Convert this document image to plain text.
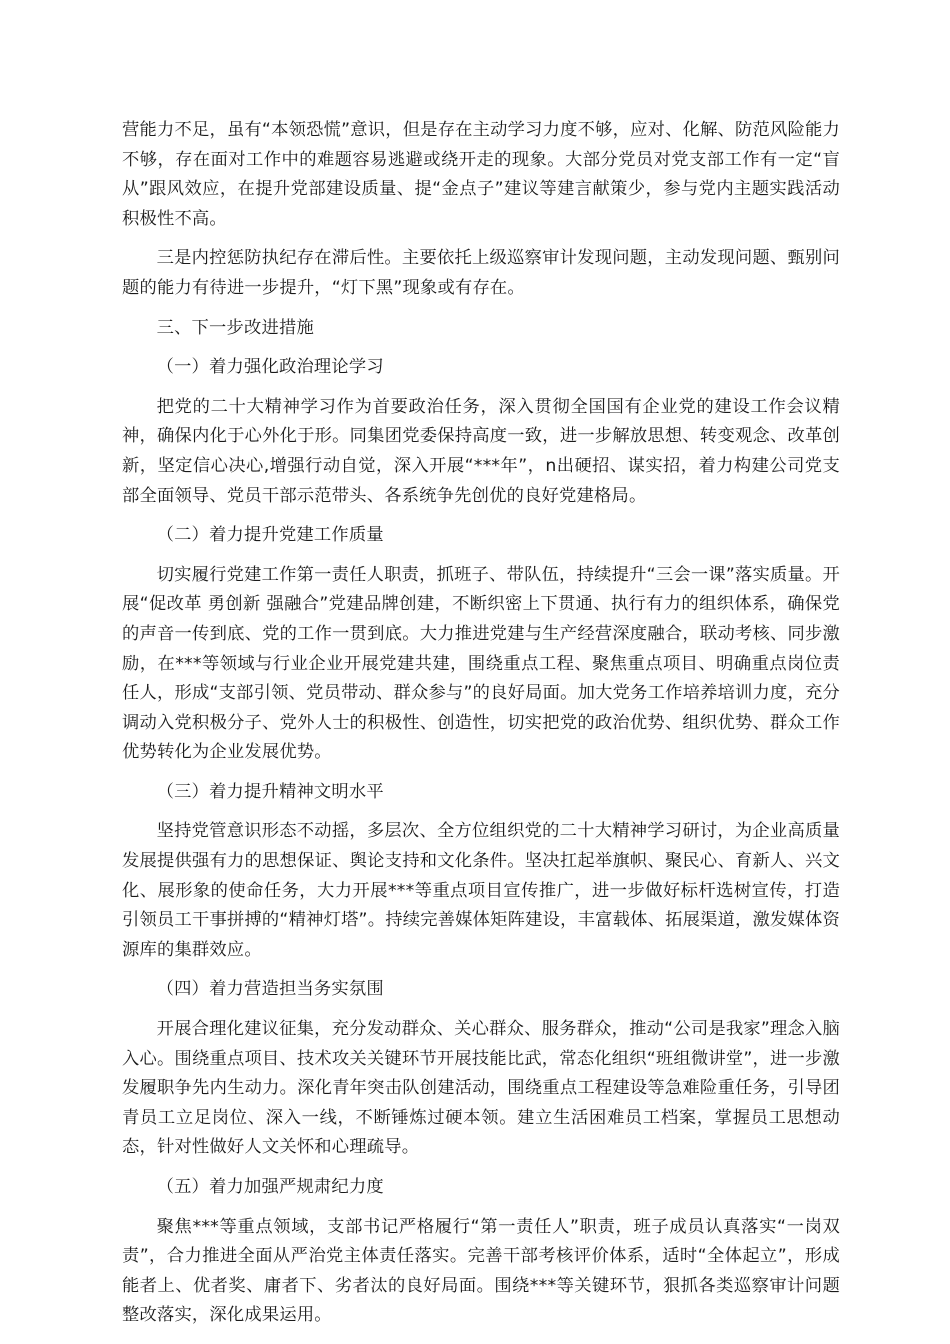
营能力不足，虽有“本领恐慌”意识，但是存在主动学习力度不够，应对、化解、防范风险能力不够，存在面对工作中的难题容易逃避或绕开走的现象。大部分党员对党支部工作有一定“盲从”跟风效应，在提升党部建设质量、提“金点子”建议等建言献策少，参与党内主题实践活动积极性不高。

三是内控惩防执纪存在滞后性。主要依托上级巡察审计发现问题，主动发现问题、甄别问题的能力有待进一步提升，“灯下黑”现象或有存在。

三、下一步改进措施

（一）着力强化政治理论学习

把党的二十大精神学习作为首要政治任务，深入贯彻全国国有企业党的建设工作会议精神，确保内化于心外化于形。同集团党委保持高度一致，进一步解放思想、转变观念、改革创新，坚定信心决心,增强行动自觉，深入开展“***年”，n出硬招、谋实招，着力构建公司党支部全面领导、党员干部示范带头、各系统争先创优的良好党建格局。

（二）着力提升党建工作质量

切实履行党建工作第一责任人职责，抓班子、带队伍，持续提升“三会一课”落实质量。开展“促改革 勇创新 强融合”党建品牌创建，不断织密上下贯通、执行有力的组织体系，确保党的声音一传到底、党的工作一贯到底。大力推进党建与生产经营深度融合，联动考核、同步激励，在***等领域与行业企业开展党建共建，围绕重点工程、聚焦重点项目、明确重点岗位责任人，形成“支部引领、党员带动、群众参与”的良好局面。加大党务工作培养培训力度，充分调动入党积极分子、党外人士的积极性、创造性，切实把党的政治优势、组织优势、群众工作优势转化为企业发展优势。

（三）着力提升精神文明水平

坚持党管意识形态不动摇，多层次、全方位组织党的二十大精神学习研讨，为企业高质量发展提供强有力的思想保证、舆论支持和文化条件。坚决扛起举旗帜、聚民心、育新人、兴文化、展形象的使命任务，大力开展***等重点项目宣传推广，进一步做好标杆选树宣传，打造引领员工干事拼搏的“精神灯塔”。持续完善媒体矩阵建设，丰富载体、拓展渠道，激发媒体资源库的集群效应。

（四）着力营造担当务实氛围

开展合理化建议征集，充分发动群众、关心群众、服务群众，推动“公司是我家”理念入脑入心。围绕重点项目、技术攻关关键环节开展技能比武，常态化组织“班组微讲堂”，进一步激发履职争先内生动力。深化青年突击队创建活动，围绕重点工程建设等急难险重任务，引导团青员工立足岗位、深入一线，不断锤炼过硬本领。建立生活困难员工档案，掌握员工思想动态，针对性做好人文关怀和心理疏导。

（五）着力加强严规肃纪力度

聚焦***等重点领域，支部书记严格履行“第一责任人”职责，班子成员认真落实“一岗双责”，合力推进全面从严治党主体责任落实。完善干部考核评价体系，适时“全体起立”，形成能者上、优者奖、庸者下、劣者汰的良好局面。围绕***等关键环节，狠抓各类巡察审计问题整改落实，深化成果运用。
